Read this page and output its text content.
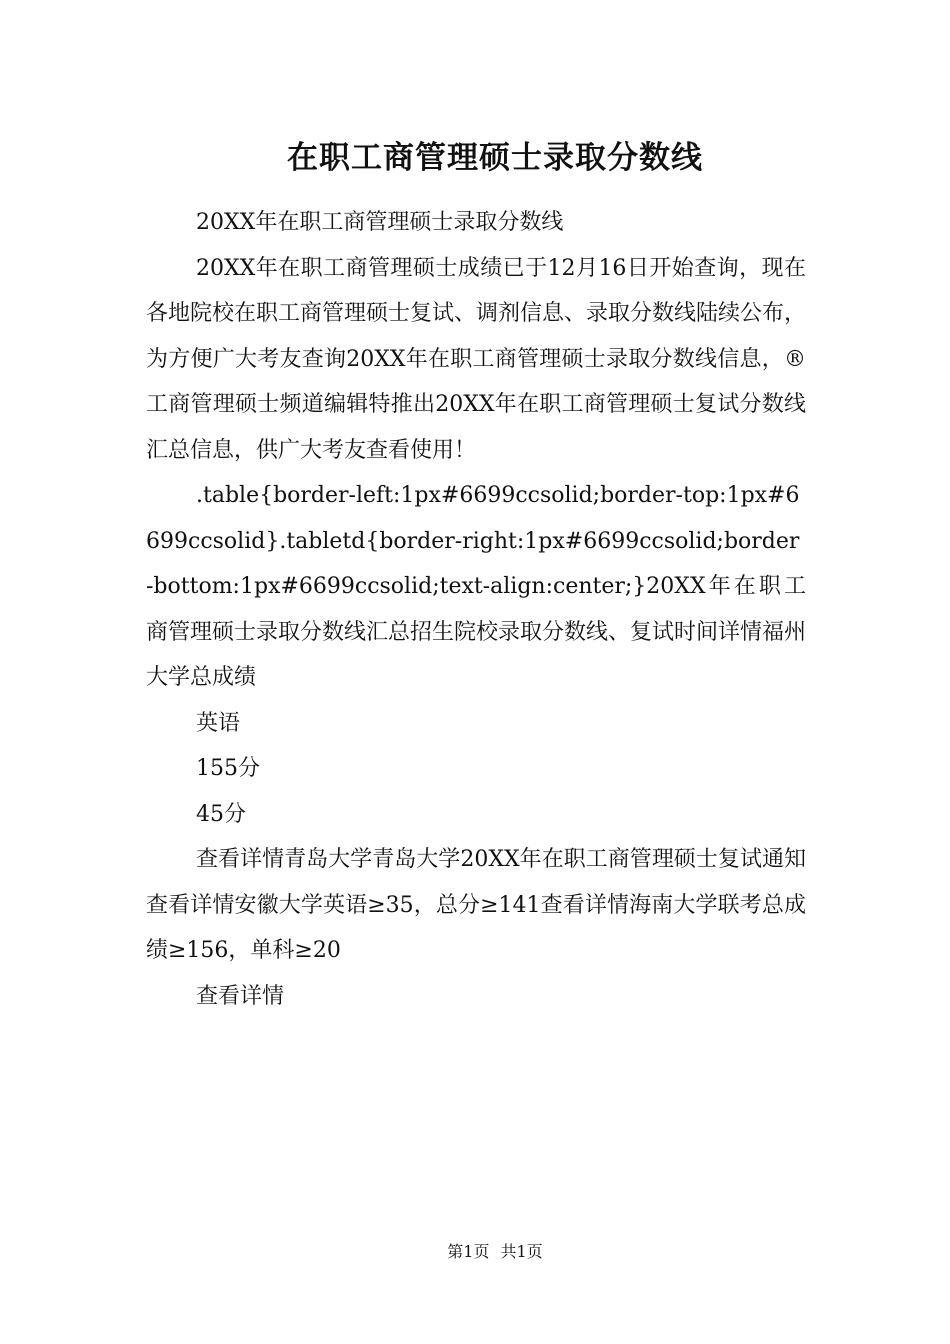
在职工商管理硕士录取分数线

20XX年在职工商管理硕士录取分数线

20XX年在职工商管理硕士成绩已于12月16日开始查询，现在各地院校在职工商管理硕士复试、调剂信息、录取分数线陆续公布，为方便广大考友查询20XX年在职工商管理硕士录取分数线信息，®工商管理硕士频道编辑特推出20XX年在职工商管理硕士复试分数线汇总信息，供广大考友查看使用！

.table{border-left:1px#6699ccsolid;border-top:1px#6699ccsolid}.tabletd{border-right:1px#6699ccsolid;border-bottom:1px#6699ccsolid;text-align:center;}20XX年在职工商管理硕士录取分数线汇总招生院校录取分数线、复试时间详情福州大学总成绩

英语

155分

45分

查看详情青岛大学青岛大学20XX年在职工商管理硕士复试通知查看详情安徽大学英语≥35，总分≥141查看详情海南大学联考总成绩≥156，单科≥20

查看详情

第1页 共1页
